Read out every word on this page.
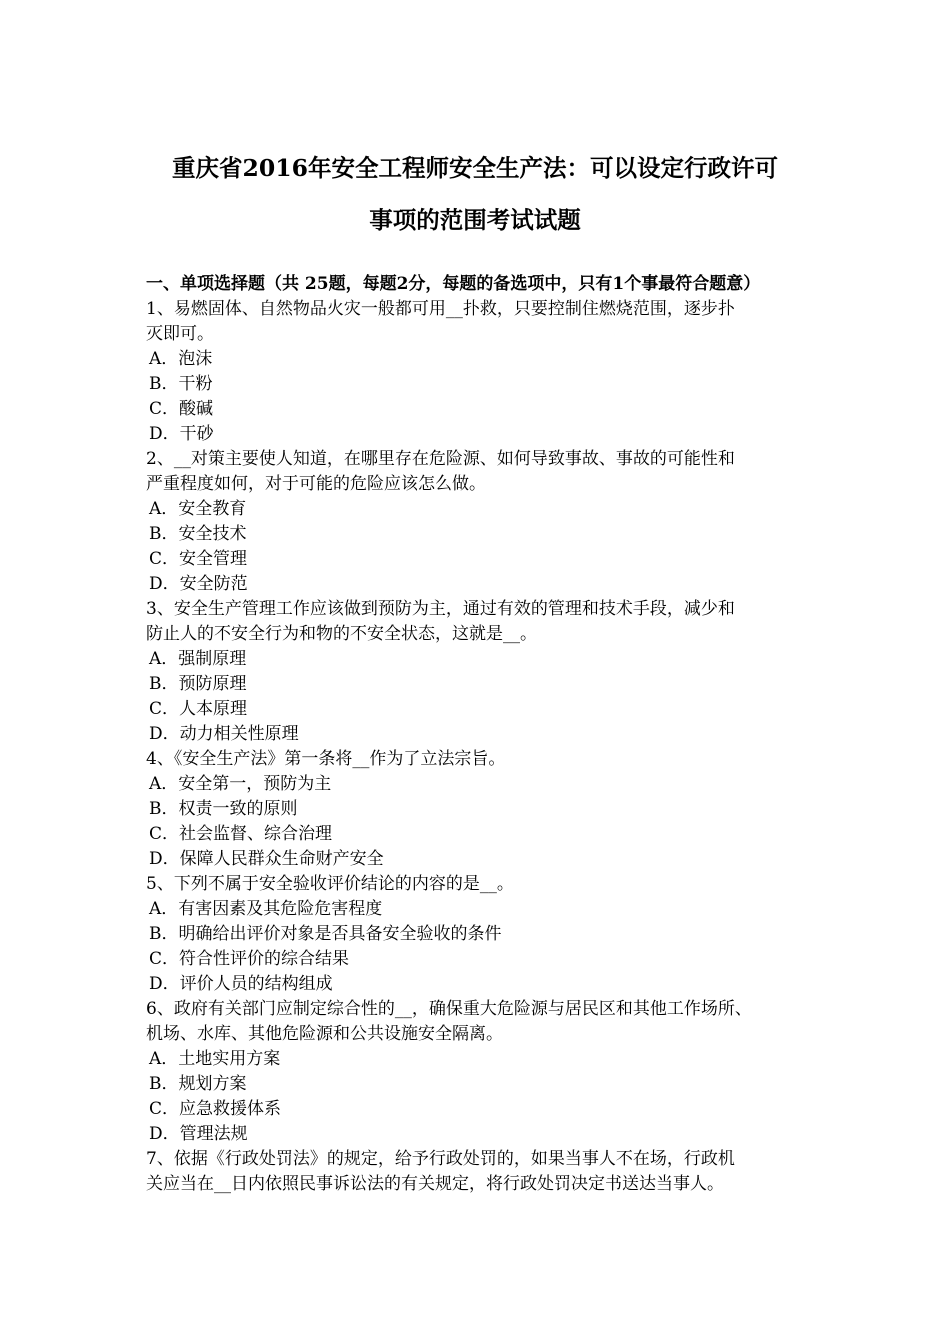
重庆省2016年安全工程师安全生产法：可以设定行政许可
事项的范围考试试题

一、单项选择题（共 25题，每题2分，每题的备选项中，只有1个事最符合题意）

1、易燃固体、自然物品火灾一般都可用__扑救，只要控制住燃烧范围，逐步扑

灭即可。

A．泡沫

B．干粉

C．酸碱

D．干砂

2、__对策主要使人知道，在哪里存在危险源、如何导致事故、事故的可能性和

严重程度如何，对于可能的危险应该怎么做。

A．安全教育

B．安全技术

C．安全管理

D．安全防范

3、安全生产管理工作应该做到预防为主，通过有效的管理和技术手段，减少和

防止人的不安全行为和物的不安全状态，这就是__。

A．强制原理

B．预防原理

C．人本原理

D．动力相关性原理

4、《安全生产法》第一条将__作为了立法宗旨。

A．安全第一，预防为主

B．权责一致的原则

C．社会监督、综合治理

D．保障人民群众生命财产安全

5、下列不属于安全验收评价结论的内容的是__。

A．有害因素及其危险危害程度

B．明确给出评价对象是否具备安全验收的条件

C．符合性评价的综合结果

D．评价人员的结构组成

6、政府有关部门应制定综合性的__，确保重大危险源与居民区和其他工作场所、

机场、水库、其他危险源和公共设施安全隔离。

A．土地实用方案

B．规划方案

C．应急救援体系

D．管理法规

7、依据《行政处罚法》的规定，给予行政处罚的，如果当事人不在场，行政机

关应当在__日内依照民事诉讼法的有关规定，将行政处罚决定书送达当事人。
